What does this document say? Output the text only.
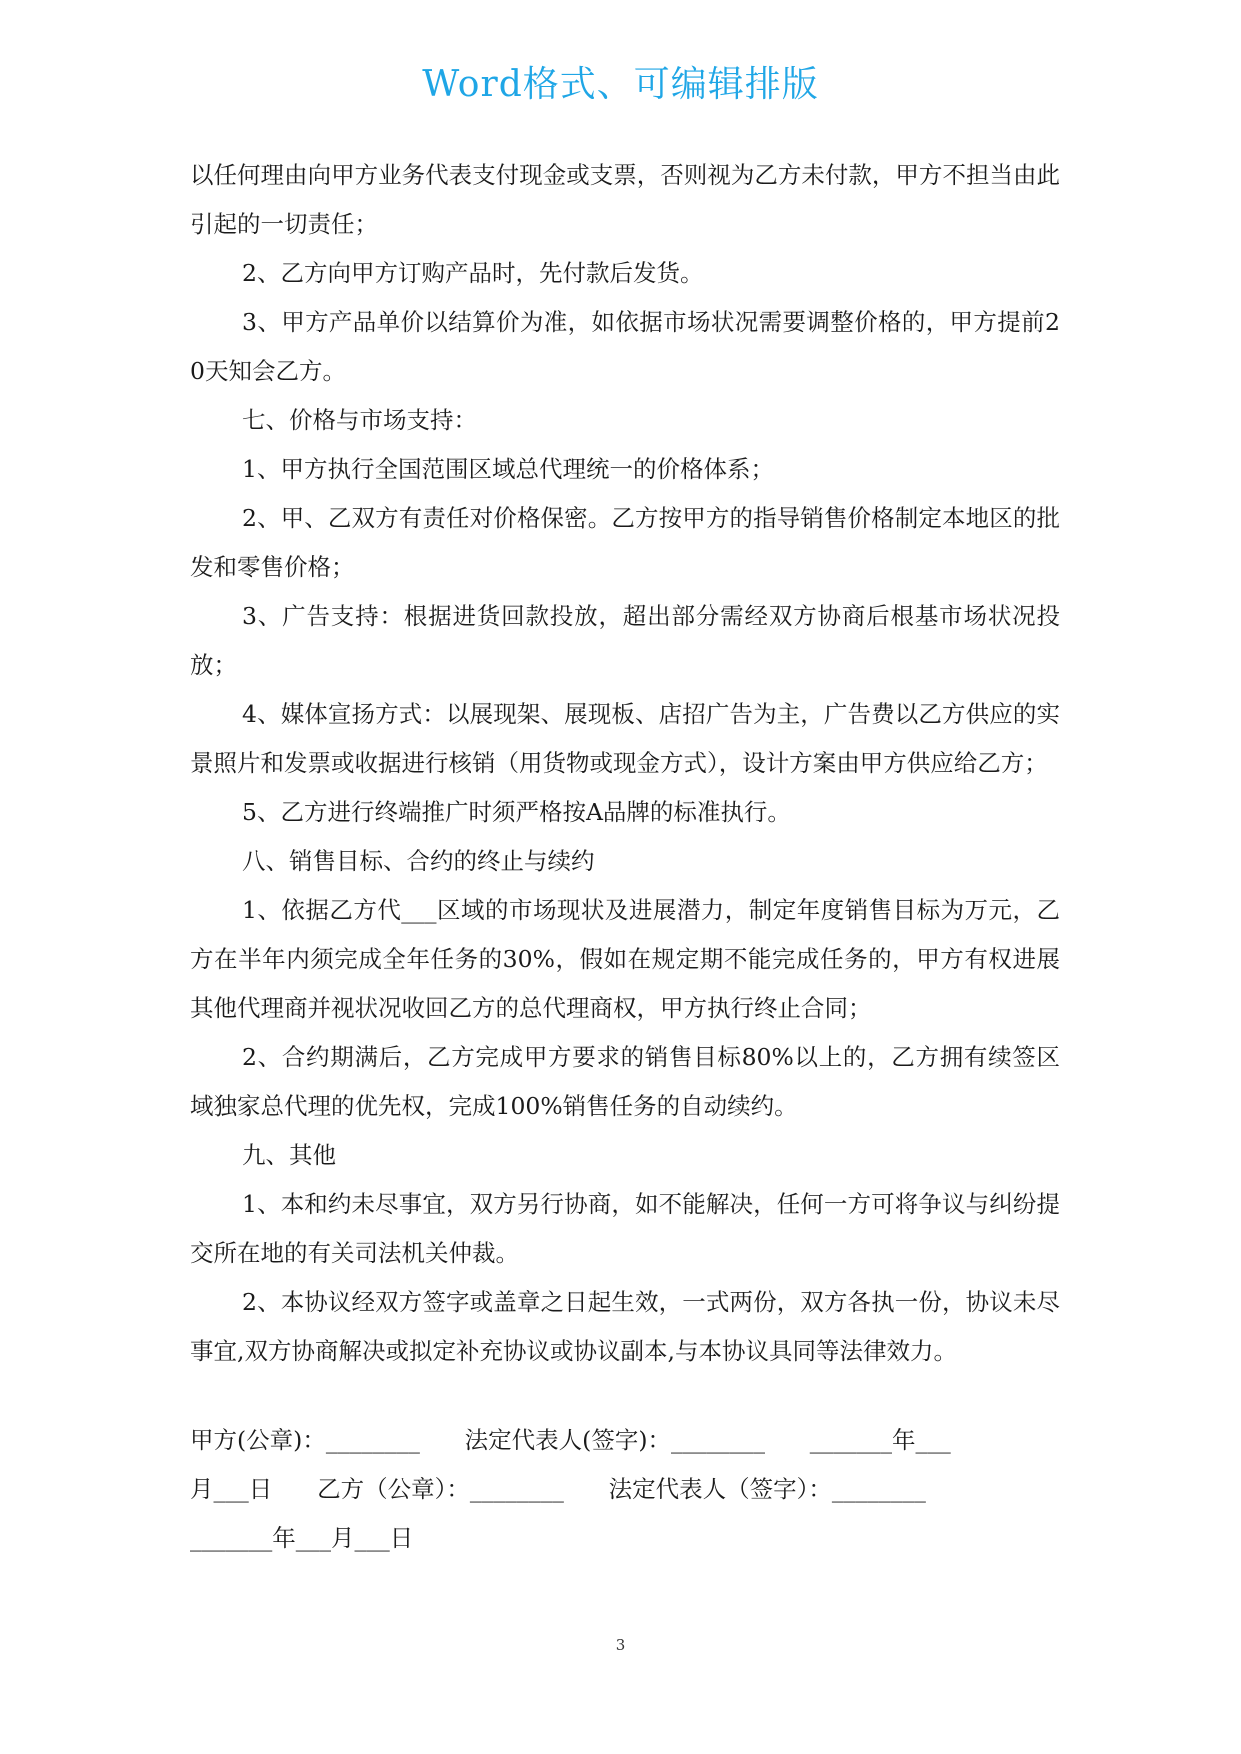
Word格式、可编辑排版

以任何理由向甲方业务代表支付现金或支票，否则视为乙方未付款，甲方不担当由此引起的一切责任；

2、乙方向甲方订购产品时，先付款后发货。

3、甲方产品单价以结算价为准，如依据市场状况需要调整价格的，甲方提前20天知会乙方。

七、价格与市场支持：

1、甲方执行全国范围区域总代理统一的价格体系；

2、甲、乙双方有责任对价格保密。乙方按甲方的指导销售价格制定本地区的批发和零售价格；

3、广告支持：根据进货回款投放，超出部分需经双方协商后根基市场状况投放；

4、媒体宣扬方式：以展现架、展现板、店招广告为主，广告费以乙方供应的实景照片和发票或收据进行核销（用货物或现金方式），设计方案由甲方供应给乙方；

5、乙方进行终端推广时须严格按A品牌的标准执行。

八、销售目标、合约的终止与续约

1、依据乙方代___区域的市场现状及进展潜力，制定年度销售目标为万元，乙方在半年内须完成全年任务的30%，假如在规定期不能完成任务的，甲方有权进展其他代理商并视状况收回乙方的总代理商权，甲方执行终止合同；

2、合约期满后，乙方完成甲方要求的销售目标80%以上的，乙方拥有续签区域独家总代理的优先权，完成100%销售任务的自动续约。

九、其他

1、本和约未尽事宜，双方另行协商，如不能解决，任何一方可将争议与纠纷提交所在地的有关司法机关仲裁。

2、本协议经双方签字或盖章之日起生效，一式两份，双方各执一份，协议未尽事宜,双方协商解决或拟定补充协议或协议副本,与本协议具同等法律效力。

甲方(公章)：________      法定代表人(签字)：________      _______年___
月___日      乙方（公章）：________      法定代表人（签字）：________
_______年___月___日
3
